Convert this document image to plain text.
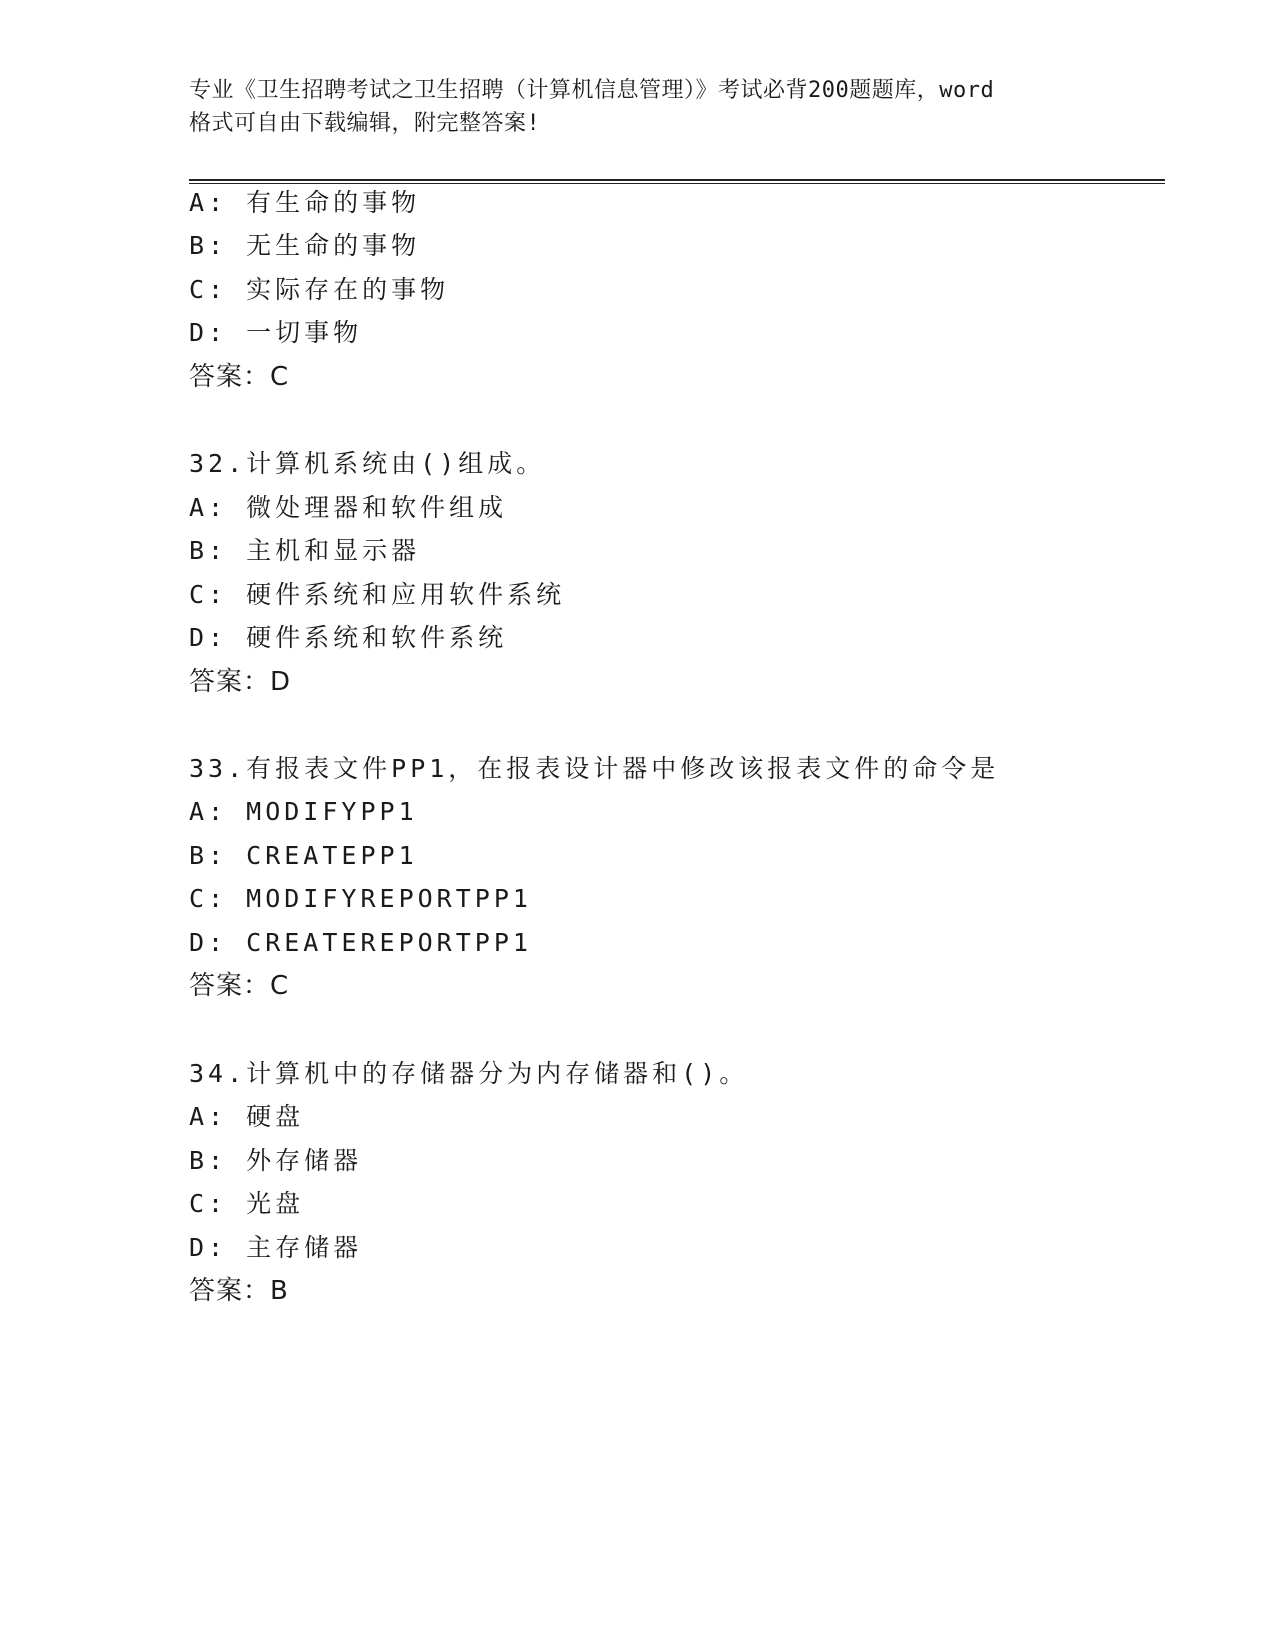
专业《卫生招聘考试之卫生招聘（计算机信息管理）》考试必背200题题库，word
格式可自由下载编辑，附完整答案!
A: 有生命的事物
B: 无生命的事物
C: 实际存在的事物
D: 一切事物
答案：C
32.计算机系统由()组成。
A: 微处理器和软件组成
B: 主机和显示器
C: 硬件系统和应用软件系统
D: 硬件系统和软件系统
答案：D
33.有报表文件PP1，在报表设计器中修改该报表文件的命令是
A: MODIFYPP1
B: CREATEPP1
C: MODIFYREPORTPP1
D: CREATEREPORTPP1
答案：C
34.计算机中的存储器分为内存储器和()。
A: 硬盘
B: 外存储器
C: 光盘
D: 主存储器
答案：B
